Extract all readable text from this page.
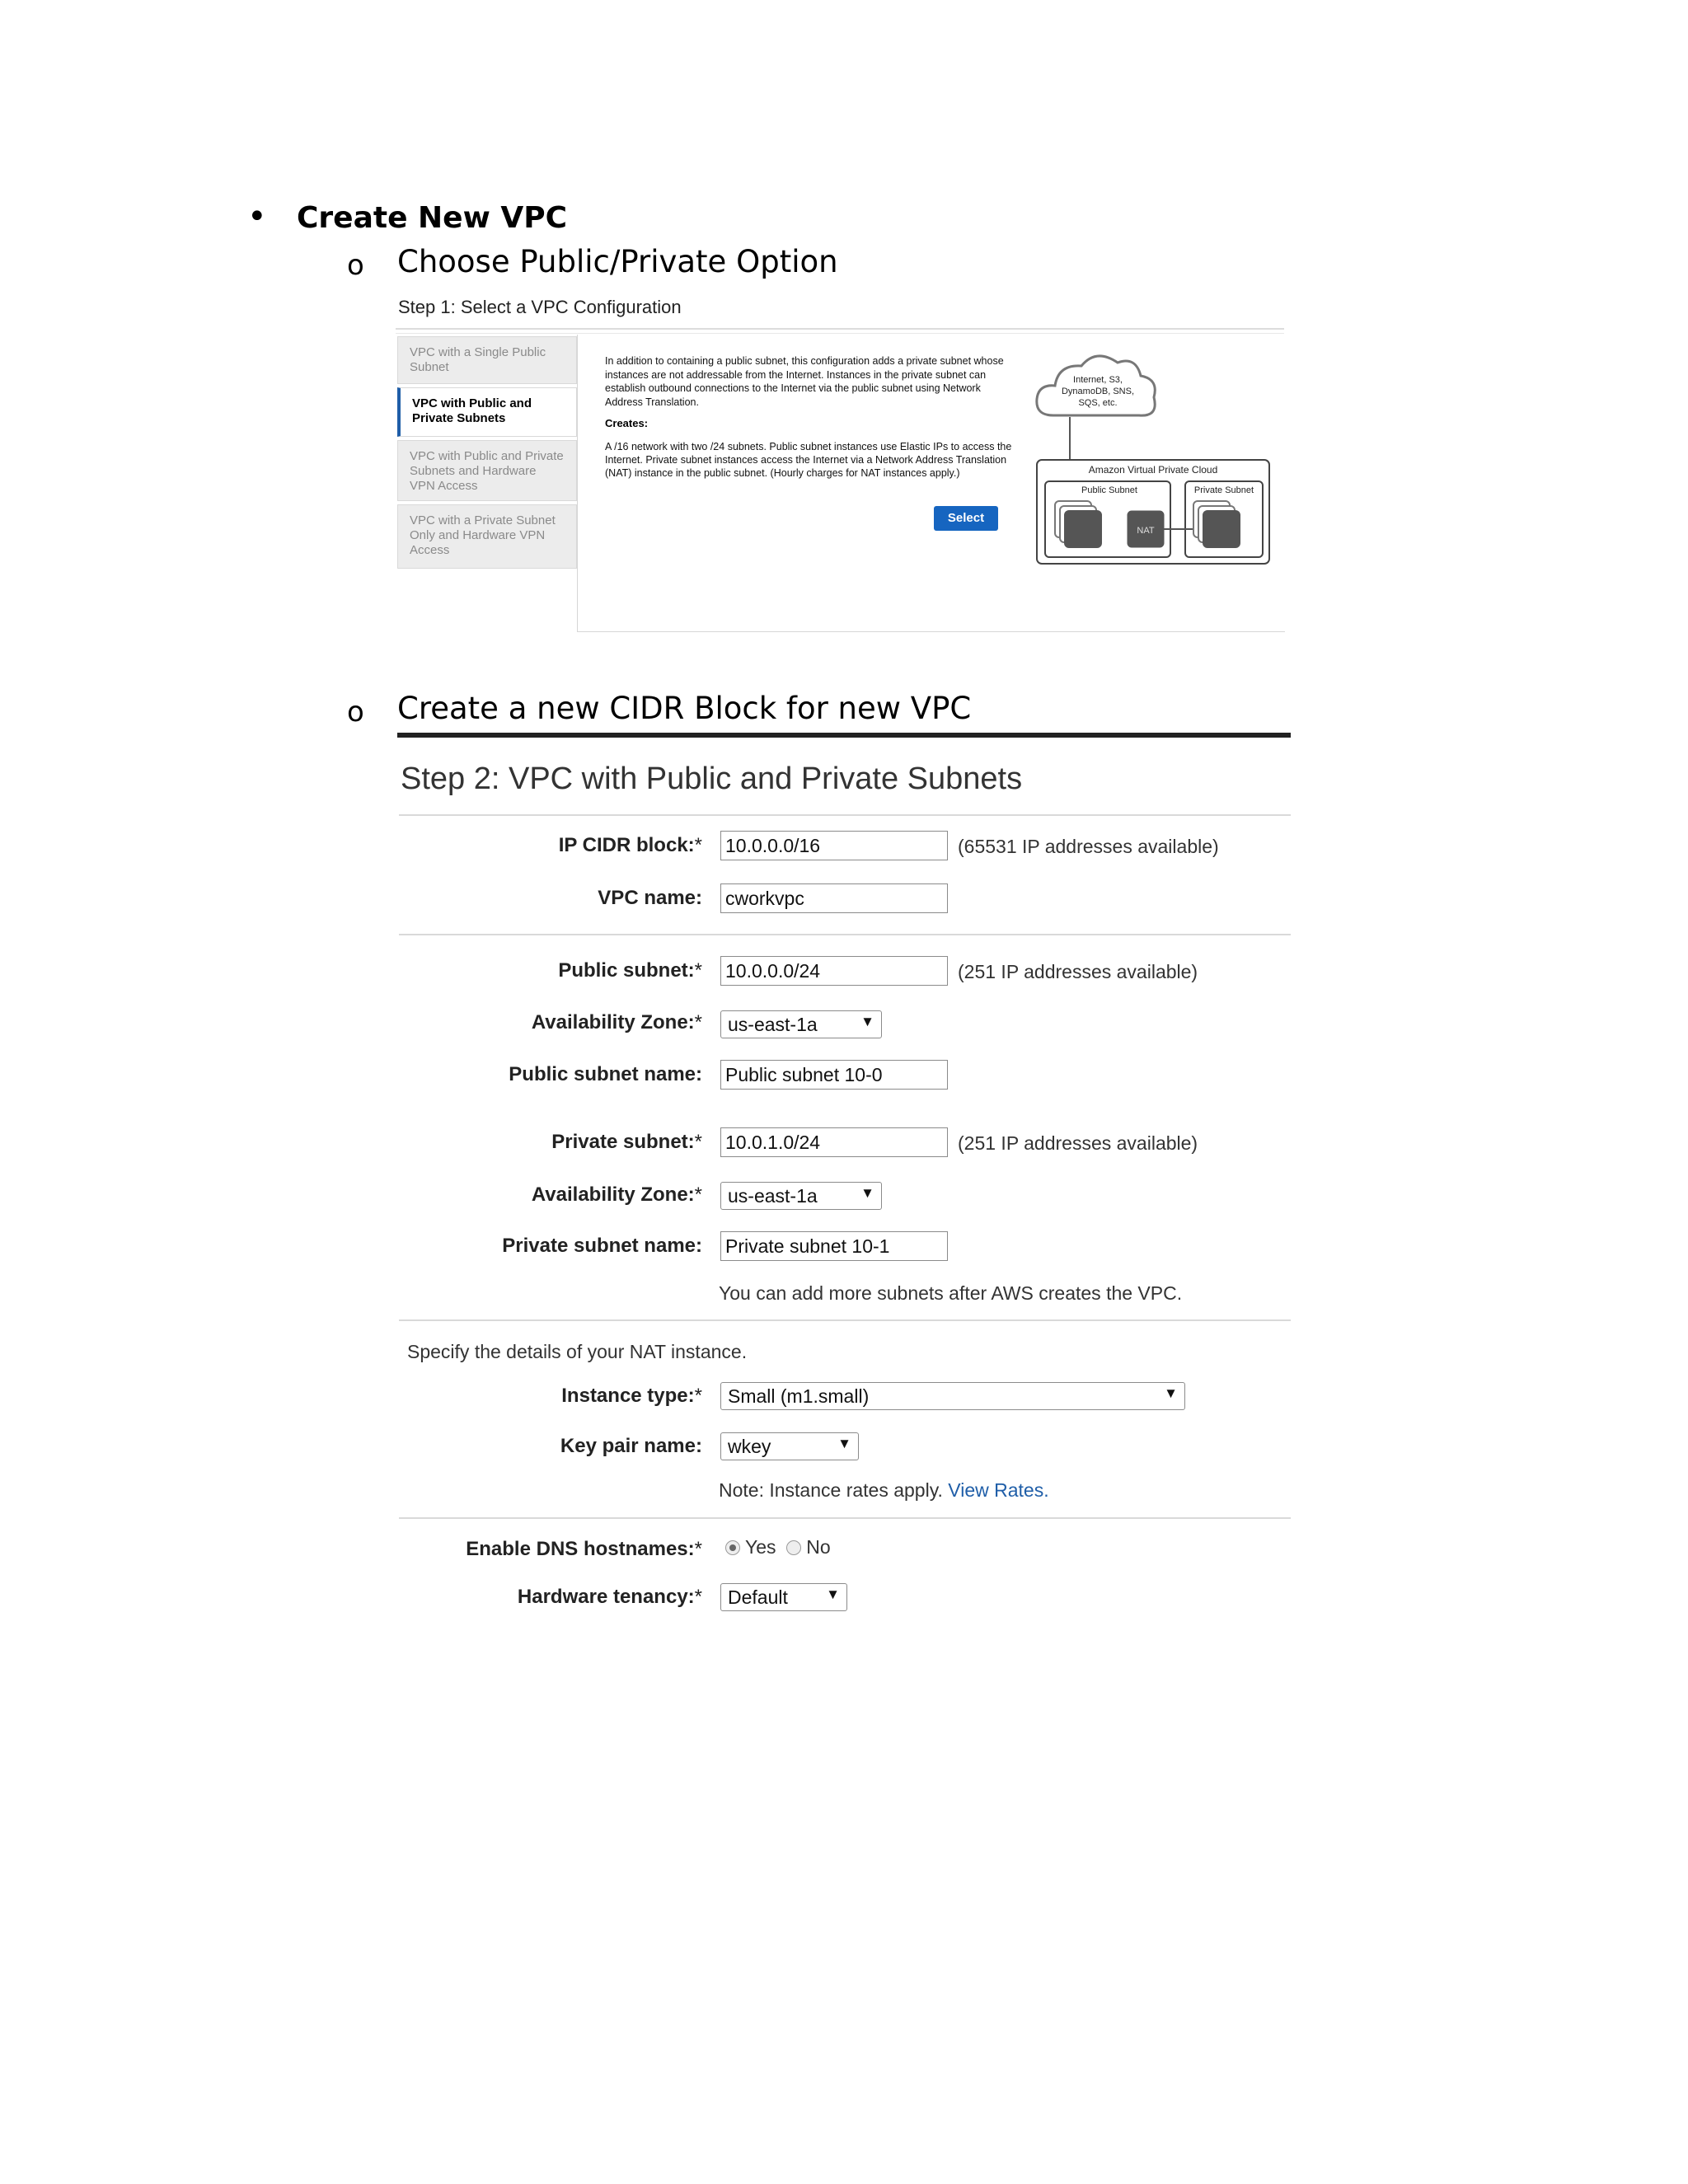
• Create New VPC
o Choose Public/Private Option
Step 1: Select a VPC Configuration
VPC with a Single Public Subnet
VPC with Public and Private Subnets
VPC with Public and Private Subnets and Hardware VPN Access
VPC with a Private Subnet Only and Hardware VPN Access
In addition to containing a public subnet, this configuration adds a private subnet whose instances are not addressable from the Internet. Instances in the private subnet can establish outbound connections to the Internet via the public subnet using Network Address Translation.
Creates:
A /16 network with two /24 subnets. Public subnet instances use Elastic IPs to access the Internet. Private subnet instances access the Internet via a Network Address Translation (NAT) instance in the public subnet. (Hourly charges for NAT instances apply.)
Select
Internet, S3,
DynamoDB, SNS,
SQS, etc.
Amazon Virtual Private Cloud
Public Subnet	Private Subnet
NAT
o Create a new CIDR Block for new VPC
Step 2: VPC with Public and Private Subnets
IP CIDR block:* 10.0.0.0/16	(65531 IP addresses available)
VPC name: cworkvpc
Public subnet:* 10.0.0.0/24	(251 IP addresses available)
Availability Zone:*	us-east-1a	▼
Public subnet name: Public subnet 10-0
Private subnet:* 10.0.1.0/24	(251 IP addresses available)
Availability Zone:*	us-east-1a	▼
Private subnet name: Private subnet 10-1
You can add more subnets after AWS creates the VPC.
Specify the details of your NAT instance.
Instance type:*	Small (m1.small)	▼
Key pair name:	wkey	▼
Note: Instance rates apply. View Rates.
Enable DNS hostnames:*	Yes No
Hardware tenancy:*	Default	▼
